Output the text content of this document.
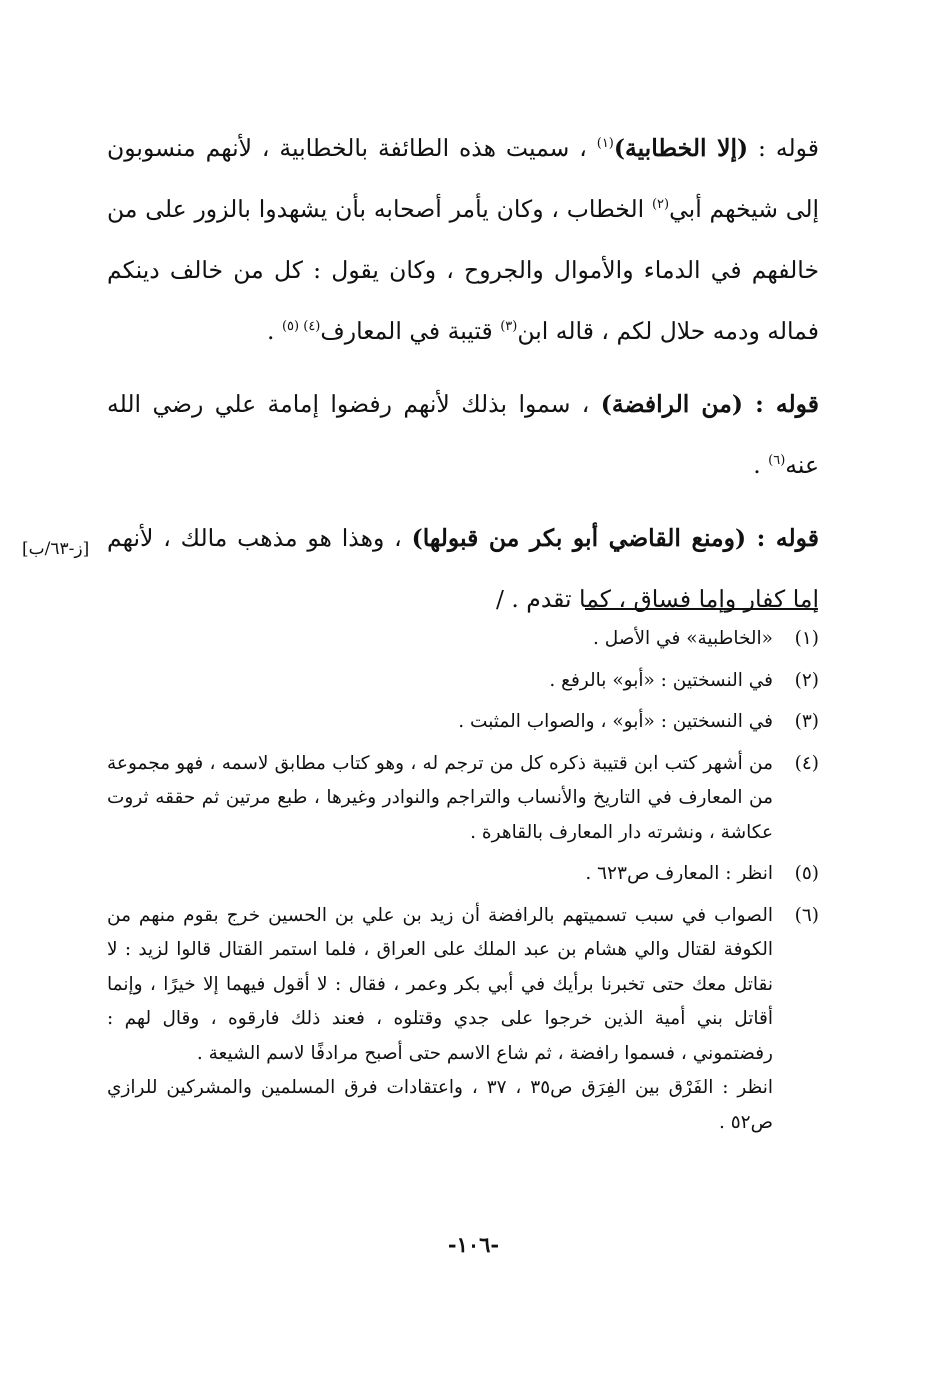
قوله : (إلا الخطابية)$^{(١)}$ ، سميت هذه الطائفة بالخطابية ، لأنهم منسوبون إلى شيخهم أبي$^{(٢)}$ الخطاب ، وكان يأمر أصحابه بأن يشهدوا بالزور على من خالفهم في الدماء والأموال والجروح ، وكان يقول : كل من خالف دينكم فماله ودمه حلال لكم ، قاله ابن$^{(٣)}$ قتيبة في المعارف$^{(٤) (٥)}$ .

قوله : (من الرافضة) ، سموا بذلك لأنهم رفضوا إمامة علي رضي الله عنه$^{(٦)}$ .

قوله : (ومنع القاضي أبو بكر من قبولها) ، وهذا هو مذهب مالك ، لأنهم إما كفار وإما فساق ، كما تقدم . /

[ز-٦٣/ب]
(١)
«الخاطبية» في الأصل .
(٢)
في النسختين : «أبو» بالرفع .
(٣)
في النسختين : «أبو» ، والصواب المثبت .
(٤)
من أشهر كتب ابن قتيبة ذكره كل من ترجم له ، وهو كتاب مطابق لاسمه ، فهو مجموعة من المعارف في التاريخ والأنساب والتراجم والنوادر وغيرها ، طبع مرتين ثم حققه ثروت عكاشة ، ونشرته دار المعارف بالقاهرة .
(٥)
انظر : المعارف ص٦٢٣ .
(٦)
الصواب في سبب تسميتهم بالرافضة أن زيد بن علي بن الحسين خرج بقوم منهم من الكوفة لقتال والي هشام بن عبد الملك على العراق ، فلما استمر القتال قالوا لزيد : لا نقاتل معك حتى تخبرنا برأيك في أبي بكر وعمر ، فقال : لا أقول فيهما إلا خيرًا ، وإنما أقاتل بني أمية الذين خرجوا على جدي وقتلوه ، فعند ذلك فارقوه ، وقال لهم : رفضتموني ، فسموا رافضة ، ثم شاع الاسم حتى أصبح مرادفًا لاسم الشيعة .
انظر : الفَرْق بين الفِرَق ص٣٥ ، ٣٧ ، واعتقادات فرق المسلمين والمشركين للرازي ص٥٢ .
-١٠٦-
